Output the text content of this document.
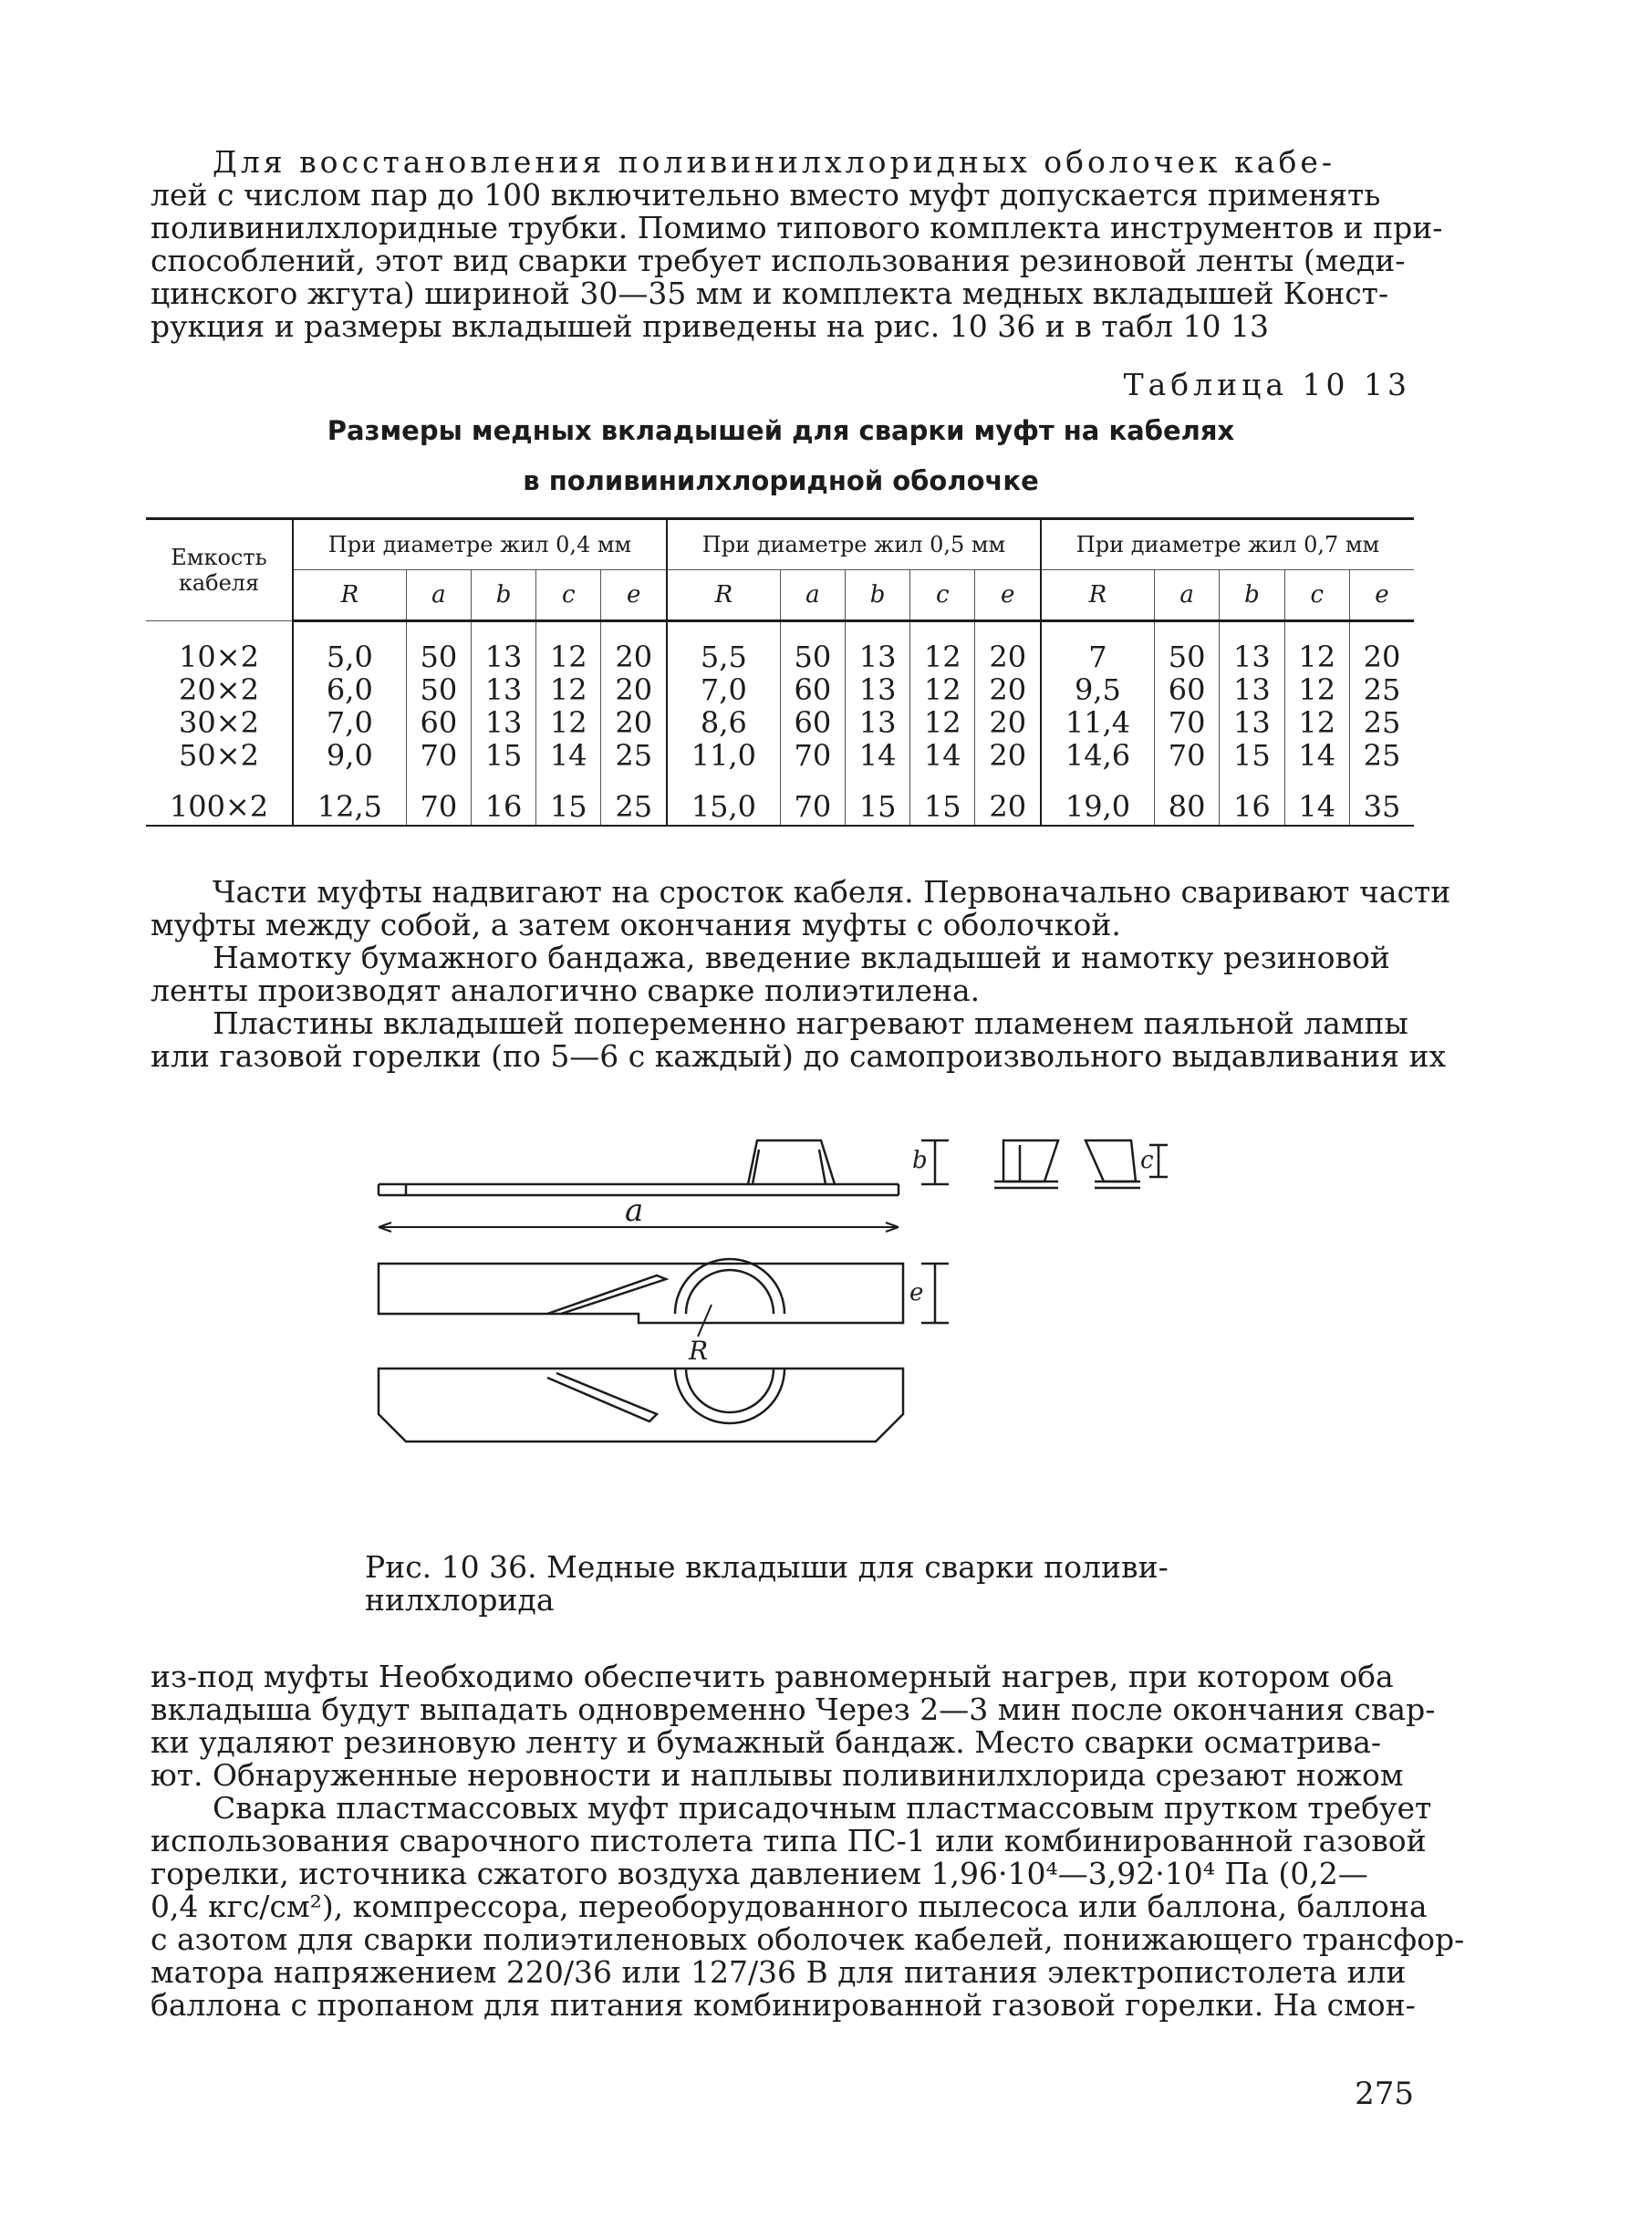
Для восстановления поливинилхлоридных оболочек кабе-
лей с числом пар до 100 включительно вместо муфт допускается применять
поливинилхлоридные трубки. Помимо типового комплекта инструментов и при-
способлений, этот вид сварки требует использования резиновой ленты (меди-
цинского жгута) шириной 30—35 мм и комплекта медных вкладышей Конст-
рукция и размеры вкладышей приведены на рис. 10 36 и в табл 10 13
Таблица 10 13
Размеры медных вкладышей для сварки муфт на кабелях
в поливинилхлоридной оболочке
Емкость кабеля	При диаметре жил 0,4 мм					При диаметре жил 0,5 мм					При диаметре жил 0,7 мм				
	R	a	b	c	e	R	a	b	c	e	R	a	b	c	e
10×2	5,0	50	13	12	20	5,5	50	13	12	20	7	50	13	12	20
20×2	6,0	50	13	12	20	7,0	60	13	12	20	9,5	60	13	12	25
30×2	7,0	60	13	12	20	8,6	60	13	12	20	11,4	70	13	12	25
50×2	9,0	70	15	14	25	11,0	70	14	14	20	14,6	70	15	14	25
100×2	12,5	70	16	15	25	15,0	70	15	15	20	19,0	80	16	14	35
Части муфты надвигают на сросток кабеля. Первоначально сваривают части
муфты между собой, а затем окончания муфты с оболочкой.
Намотку бумажного бандажа, введение вкладышей и намотку резиновой
ленты производят аналогично сварке полиэтилена.
Пластины вкладышей попеременно нагревают пламенем паяльной лампы
или газовой горелки (по 5—6 с каждый) до самопроизвольного выдавливания их
a
b	c
e
R
Рис. 10 36. Медные вкладыши для сварки поливи-
нилхлорида
из-под муфты Необходимо обеспечить равномерный нагрев, при котором оба
вкладыша будут выпадать одновременно Через 2—3 мин после окончания свар-
ки удаляют резиновую ленту и бумажный бандаж. Место сварки осматрива-
ют. Обнаруженные неровности и наплывы поливинилхлорида срезают ножом
Сварка пластмассовых муфт присадочным пластмассовым прутком требует
использования сварочного пистолета типа ПС-1 или комбинированной газовой
горелки, источника сжатого воздуха давлением 1,96·10⁴—3,92·10⁴ Па (0,2—
0,4 кгс/см²), компрессора, переоборудованного пылесоса или баллона, баллона
с азотом для сварки полиэтиленовых оболочек кабелей, понижающего трансфор-
матора напряжением 220/36 или 127/36 В для питания электропистолета или
баллона с пропаном для питания комбинированной газовой горелки. На смон-
275
